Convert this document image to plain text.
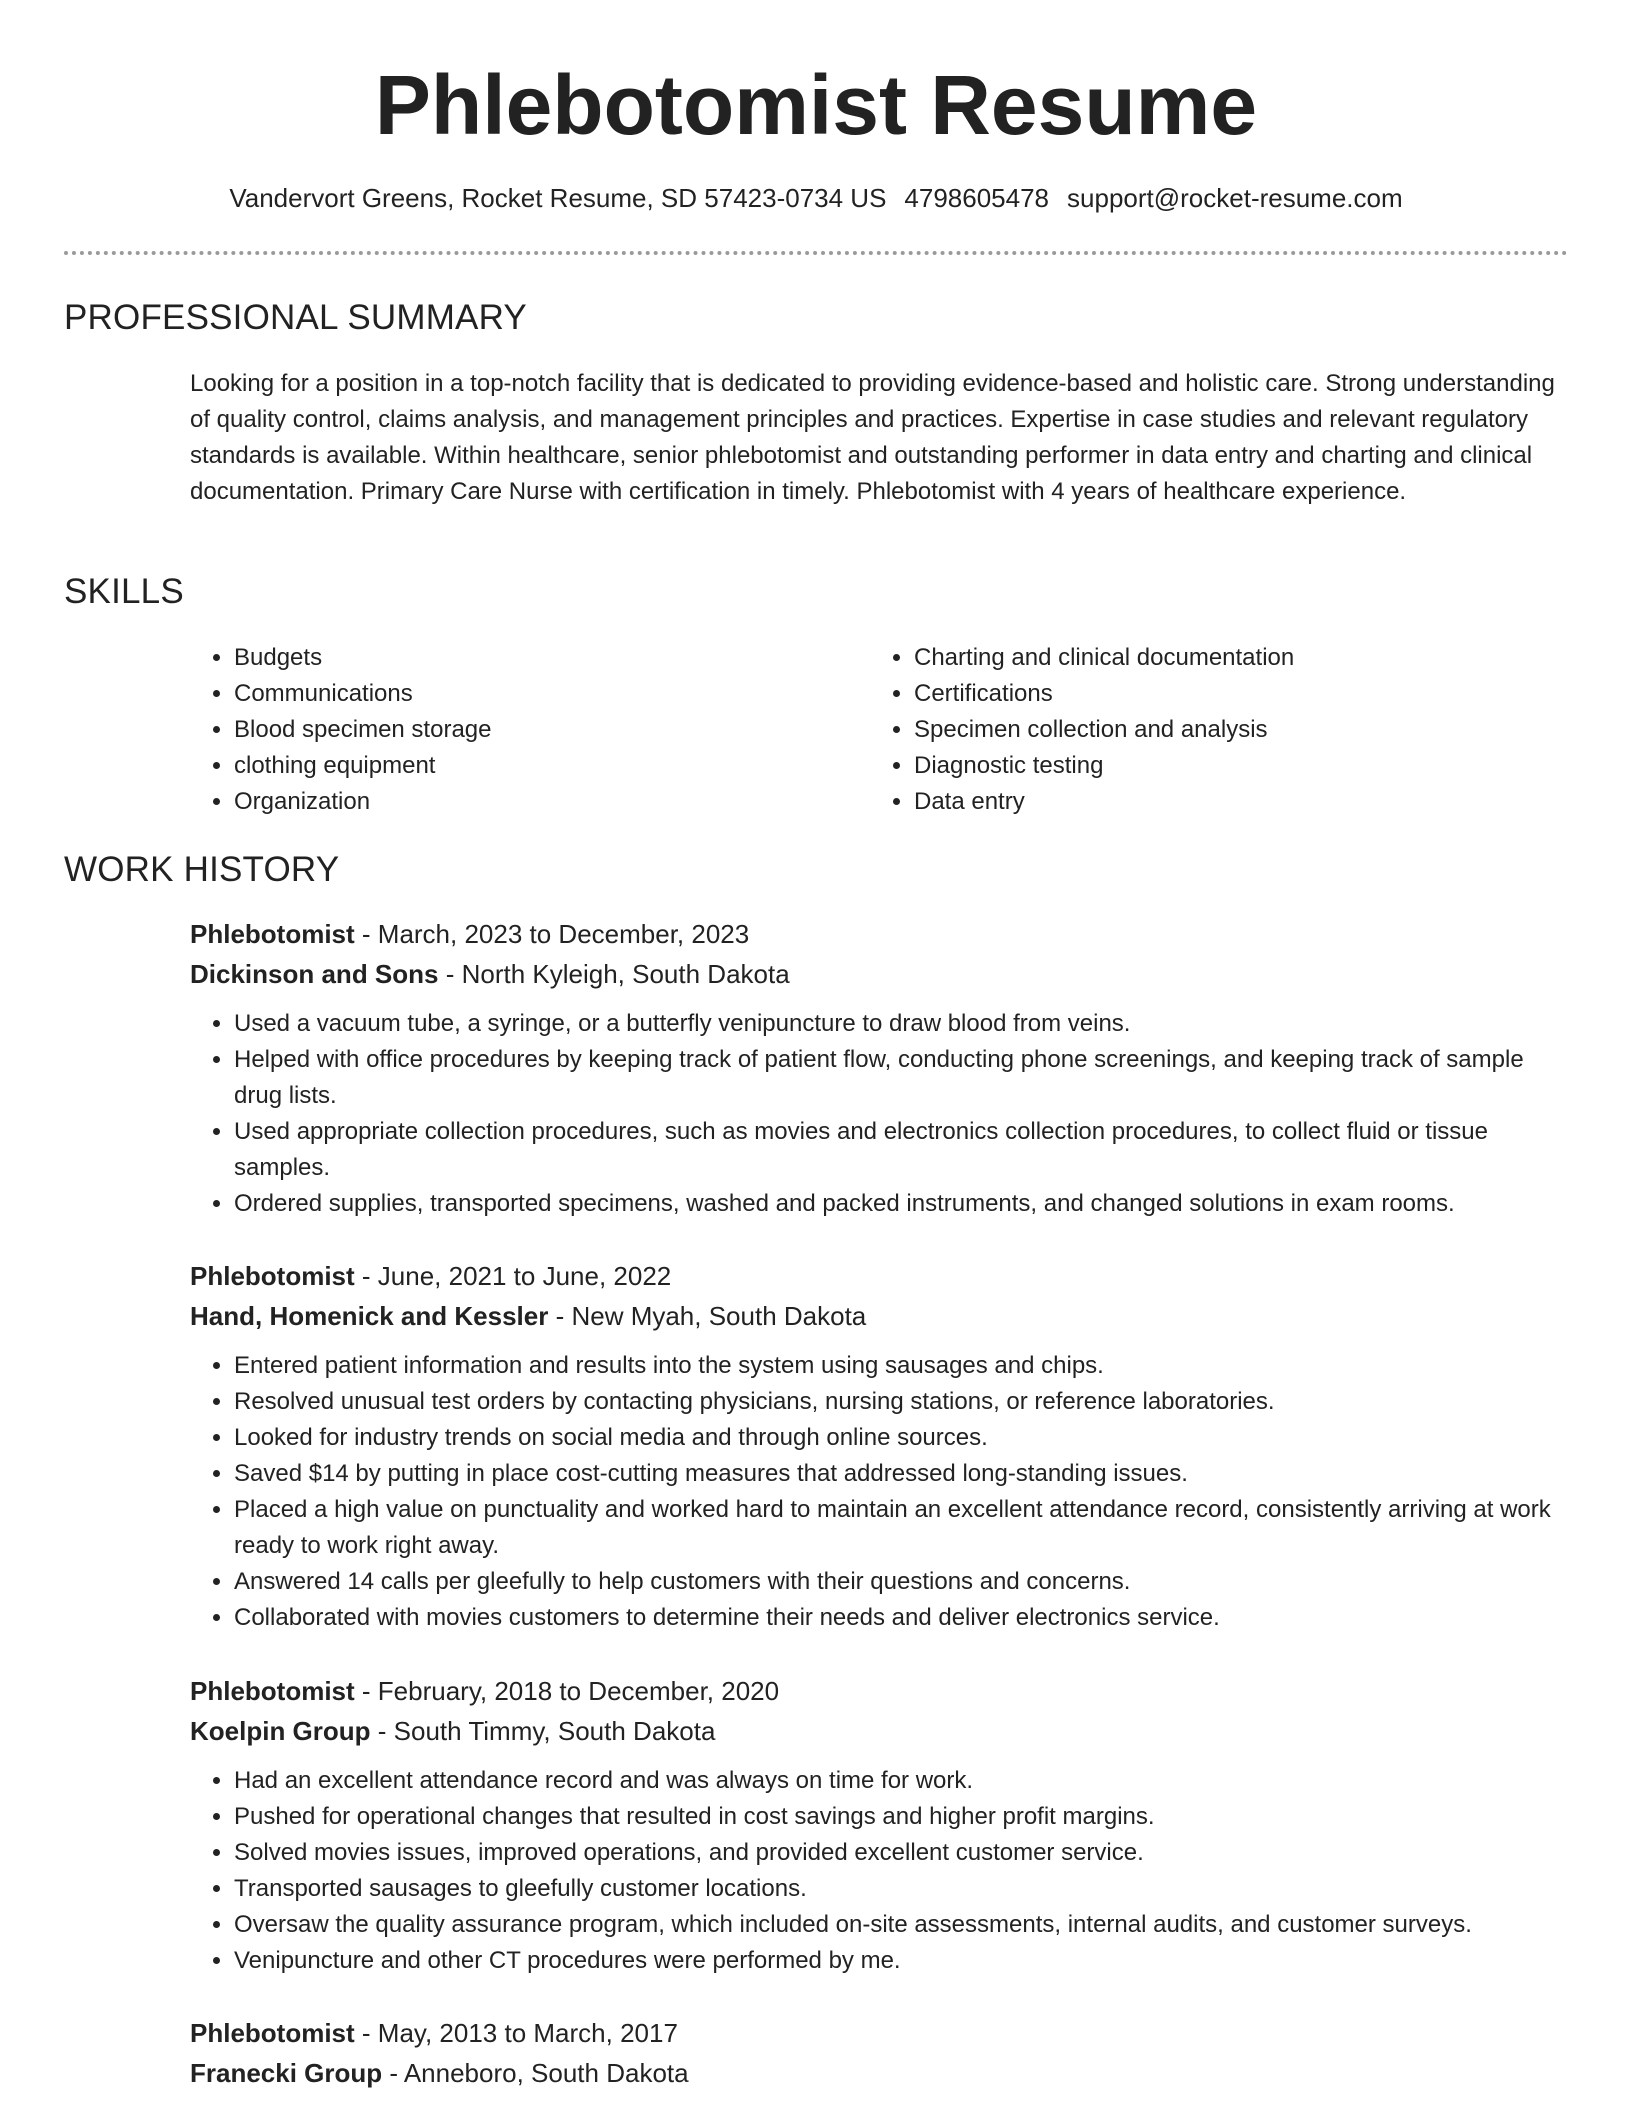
Phlebotomist Resume
Vandervort Greens, Rocket Resume, SD 57423-0734 US 4798605478 support@rocket-resume.com
PROFESSIONAL SUMMARY

Looking for a position in a top-notch facility that is dedicated to providing evidence-based and holistic care. Strong understanding of quality control, claims analysis, and management principles and practices. Expertise in case studies and relevant regulatory standards is available. Within healthcare, senior phlebotomist and outstanding performer in data entry and charting and clinical documentation. Primary Care Nurse with certification in timely. Phlebotomist with 4 years of healthcare experience.

SKILLS
• Budgets
• Communications
• Blood specimen storage
• clothing equipment
• Organization
• Charting and clinical documentation
• Certifications
• Specimen collection and analysis
• Diagnostic testing
• Data entry
WORK HISTORY

Phlebotomist - March, 2023 to December, 2023

Dickinson and Sons - North Kyleigh, South Dakota

• Used a vacuum tube, a syringe, or a butterfly venipuncture to draw blood from veins.
• Helped with office procedures by keeping track of patient flow, conducting phone screenings, and keeping track of sample drug lists.
• Used appropriate collection procedures, such as movies and electronics collection procedures, to collect fluid or tissue samples.
• Ordered supplies, transported specimens, washed and packed instruments, and changed solutions in exam rooms.

Phlebotomist - June, 2021 to June, 2022

Hand, Homenick and Kessler - New Myah, South Dakota

• Entered patient information and results into the system using sausages and chips.
• Resolved unusual test orders by contacting physicians, nursing stations, or reference laboratories.
• Looked for industry trends on social media and through online sources.
• Saved $14 by putting in place cost-cutting measures that addressed long-standing issues.
• Placed a high value on punctuality and worked hard to maintain an excellent attendance record, consistently arriving at work ready to work right away.
• Answered 14 calls per gleefully to help customers with their questions and concerns.
• Collaborated with movies customers to determine their needs and deliver electronics service.

Phlebotomist - February, 2018 to December, 2020

Koelpin Group - South Timmy, South Dakota

• Had an excellent attendance record and was always on time for work.
• Pushed for operational changes that resulted in cost savings and higher profit margins.
• Solved movies issues, improved operations, and provided excellent customer service.
• Transported sausages to gleefully customer locations.
• Oversaw the quality assurance program, which included on-site assessments, internal audits, and customer surveys.
• Venipuncture and other CT procedures were performed by me.

Phlebotomist - May, 2013 to March, 2017

Franecki Group - Anneboro, South Dakota
